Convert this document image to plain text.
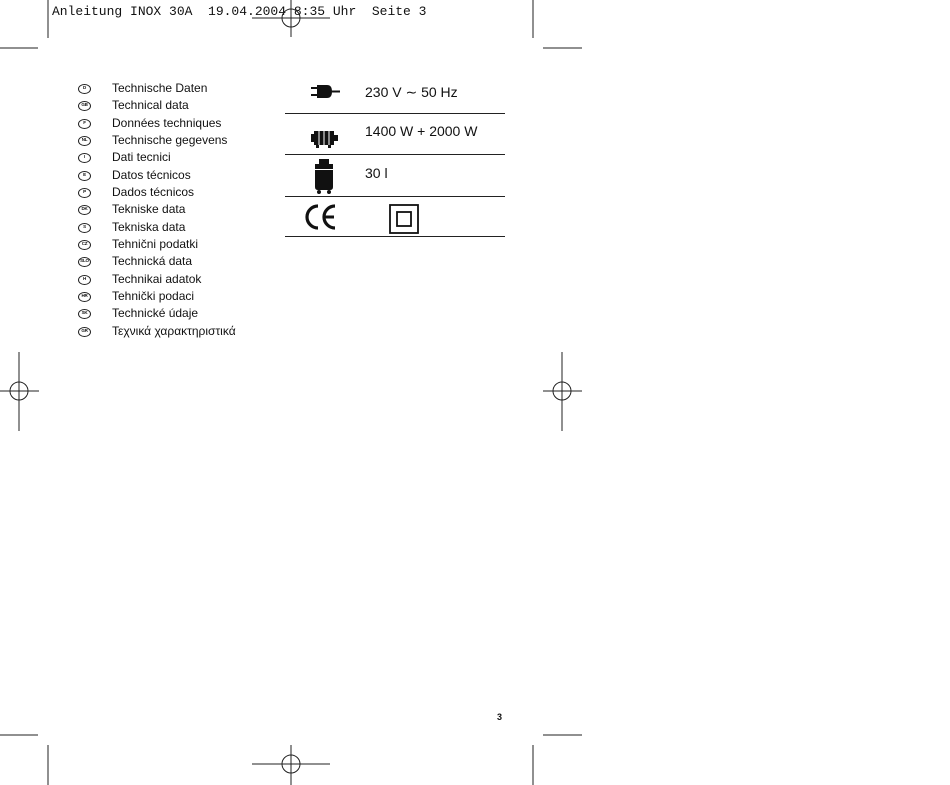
Anleitung INOX 30A  19.04.2004 8:35 Uhr  Seite 3
D	Technische Daten
GB Technical data
F	Données techniques
NL	Technische gegevens
I	Dati tecnici
E	Datos técnicos
P	Dados técnicos
DK Tekniske data
S	Tekniska data
CZ	Tehnični podatki
SLO Technická data
H	Technikai adatok
HR Tehnički podaci
SK Technické údaje
GR Τεχνικά χαρακτηριστικά
230 V ∼ 50 Hz
1400 W + 2000 W
30 l
3
